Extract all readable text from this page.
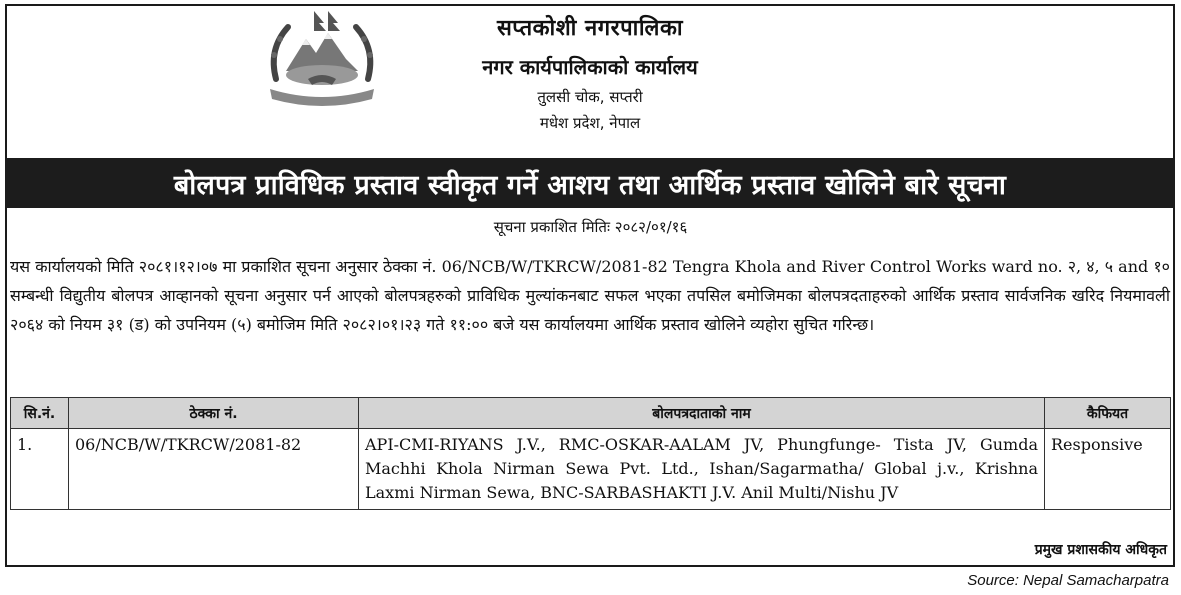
सप्तकोशी नगरपालिका
नगर कार्यपालिकाको कार्यालय
तुलसी चोक, सप्तरी
मधेश प्रदेश, नेपाल
बोलपत्र प्राविधिक प्रस्ताव स्वीकृत गर्ने आशय तथा आर्थिक प्रस्ताव खोलिने बारे सूचना
सूचना प्रकाशित मितिः २०८२/०१/१६
यस कार्यालयको मिति २०८१।१२।०७ मा प्रकाशित सूचना अनुसार ठेक्का नं. 06/NCB/W/TKRCW/2081-82 Tengra Khola and River Control Works ward no. २, ४, ५ and १० सम्बन्धी विद्युतीय बोलपत्र आव्हानको सूचना अनुसार पर्न आएको बोलपत्रहरुको प्राविधिक मुल्यांकनबाट सफल भएका तपसिल बमोजिमका बोलपत्रदताहरुको आर्थिक प्रस्ताव सार्वजनिक खरिद नियमावली २०६४ को नियम ३१ (ड) को उपनियम (५) बमोजिम मिति २०८२।०१।२३ गते ११:०० बजे यस कार्यालयमा आर्थिक प्रस्ताव खोलिने व्यहोरा सुचित गरिन्छ।
सि.नं.	ठेक्का नं.	बोलपत्रदाताको नाम	कैफियत
1.	06/NCB/W/TKRCW/2081-82	API-CMI-RIYANS J.V., RMC-OSKAR-AALAM JV, Phungfunge- Tista JV, Gumda Machhi Khola Nirman Sewa Pvt. Ltd., Ishan/Sagarmatha/ Global j.v., Krishna Laxmi Nirman Sewa, BNC-SARBASHAKTI J.V. Anil Multi/Nishu JV	Responsive
प्रमुख प्रशासकीय अधिकृत
Source: Nepal Samacharpatra
